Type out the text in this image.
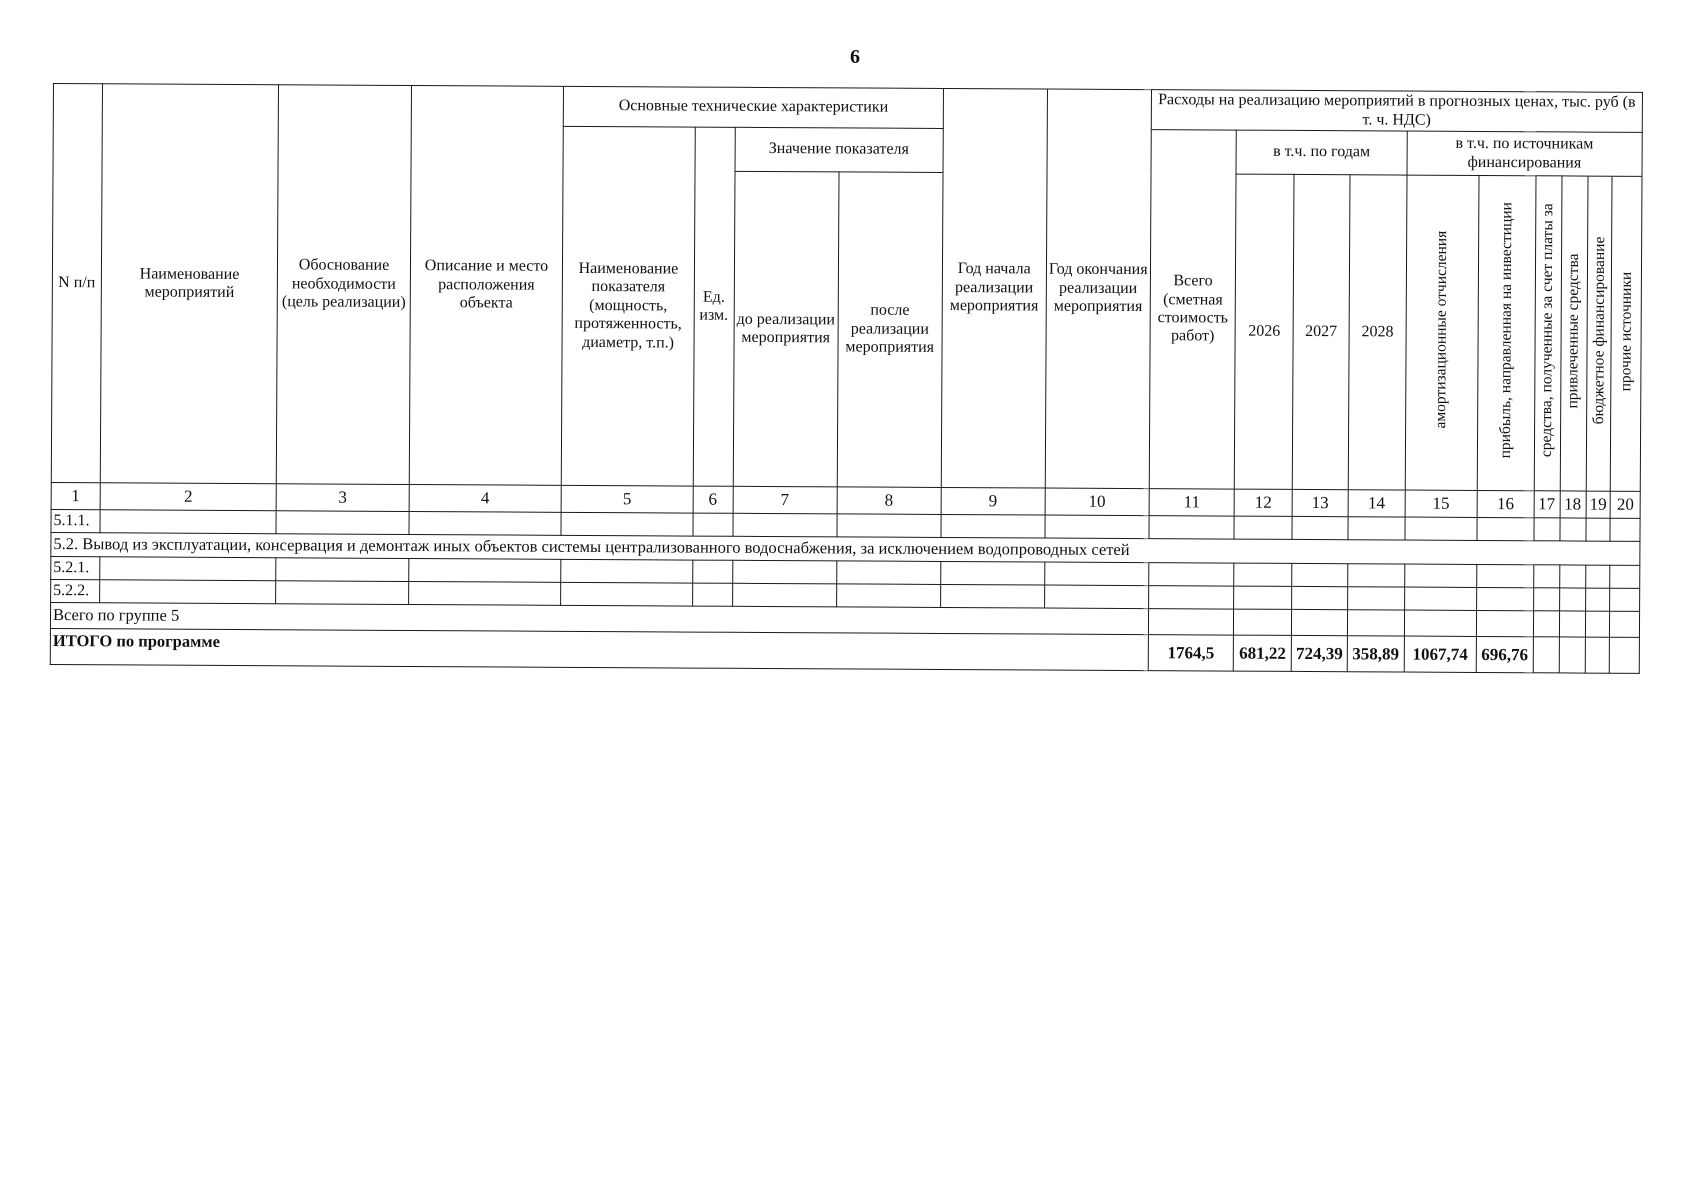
6
N п/п	Наименование мероприятий	Обоснование необходимости (цель реализации)	Описание и место расположения объекта	Основные технические характеристики				Год начала реализации мероприятия	Год окончания реализации мероприятия	Расходы на реализацию мероприятий в прогнозных ценах, тыс. руб (в т. ч. НДС)									
				Наименование показателя (мощность, протяженность, диаметр, т.п.)	Ед. изм.	Значение показателя				Всего (сметная стоимость работ)	в т.ч. по годам			в т.ч. по источникам финансирования					
						до реализации мероприятия	после реализации мероприятия				2026	2027	2028	амортизационные отчисления	прибыль, направленная на инвестиции	средства, полученные за счет платы за	привлеченные средства	бюджетное финансирование	прочие источники

1	2	3	4	5	6	7	8	9	10	11	12	13	14	15	16	17	18	19	20
5.1.1.																			
5.2. Вывод из эксплуатации, консервация и демонтаж иных объектов системы централизованного водоснабжения, за исключением водопроводных сетей																			
5.2.1.																			
5.2.2.																			
Всего по группе 5																			
ИТОГО по программе										1764,5	681,22	724,39	358,89	1067,74	696,76				
